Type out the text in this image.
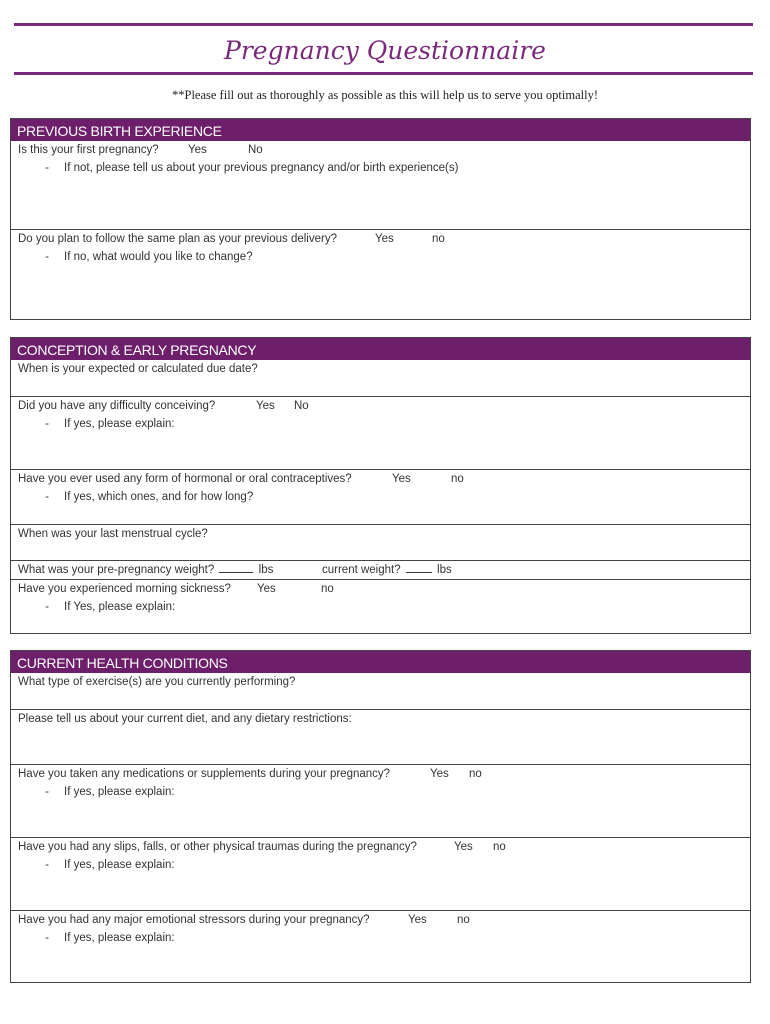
Pregnancy Questionnaire
**Please fill out as thoroughly as possible as this will help us to serve you optimally!
PREVIOUS BIRTH EXPERIENCE
Is this your first pregnancy?	Yes	No
- If not, please tell us about your previous pregnancy and/or birth experience(s)
Do you plan to follow the same plan as your previous delivery?	Yes	no
- If no, what would you like to change?
CONCEPTION & EARLY PREGNANCY
When is your expected or calculated due date?
Did you have any difficulty conceiving?	Yes No
- If yes, please explain:
Have you ever used any form of hormonal or oral contraceptives?	Yes	no
- If yes, which ones, and for how long?
When was your last menstrual cycle?
What was your pre-pregnancy weight?	lbs	current weight?	lbs
Have you experienced morning sickness?	Yes	no
- If Yes, please explain:
CURRENT HEALTH CONDITIONS
What type of exercise(s) are you currently performing?
Please tell us about your current diet, and any dietary restrictions:
Have you taken any medications or supplements during your pregnancy?	Yes no
- If yes, please explain:
Have you had any slips, falls, or other physical traumas during the pregnancy?	Yes no
- If yes, please explain:
Have you had any major emotional stressors during your pregnancy?	Yes	no
- If yes, please explain:
